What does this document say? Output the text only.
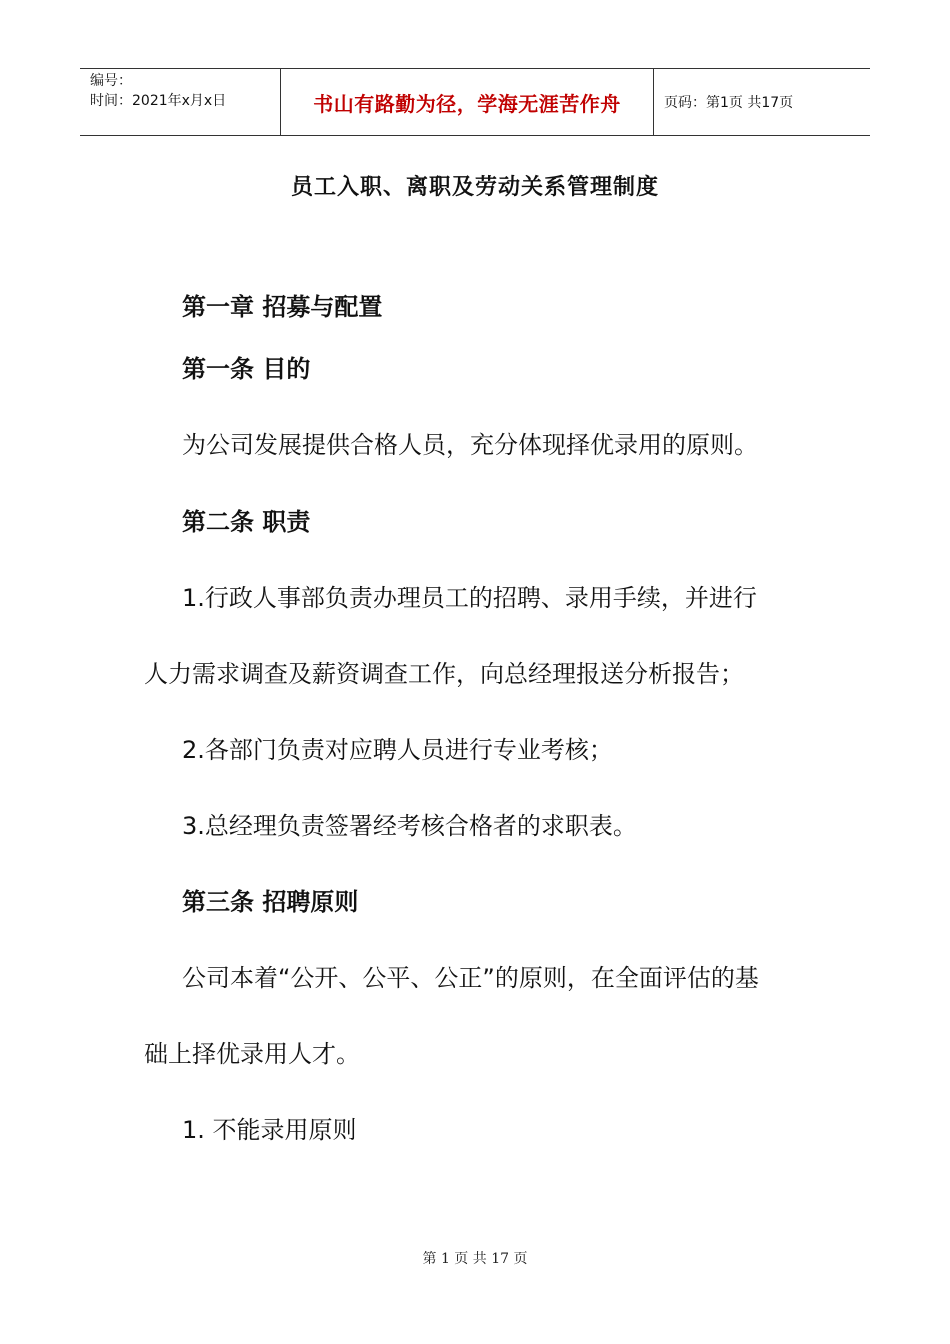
编号：
时间：2021年x月x日	书山有路勤为径，学海无涯苦作舟	页码：第1页 共17页
员工入职、离职及劳动关系管理制度
第一章 招募与配置
第一条 目的
为公司发展提供合格人员，充分体现择优录用的原则。
第二条 职责
1.行政人事部负责办理员工的招聘、录用手续，并进行
人力需求调查及薪资调查工作，向总经理报送分析报告；
2.各部门负责对应聘人员进行专业考核；
3.总经理负责签署经考核合格者的求职表。
第三条 招聘原则
公司本着“公开、公平、公正”的原则，在全面评估的基
础上择优录用人才。
1. 不能录用原则
第 1 页 共 17 页
